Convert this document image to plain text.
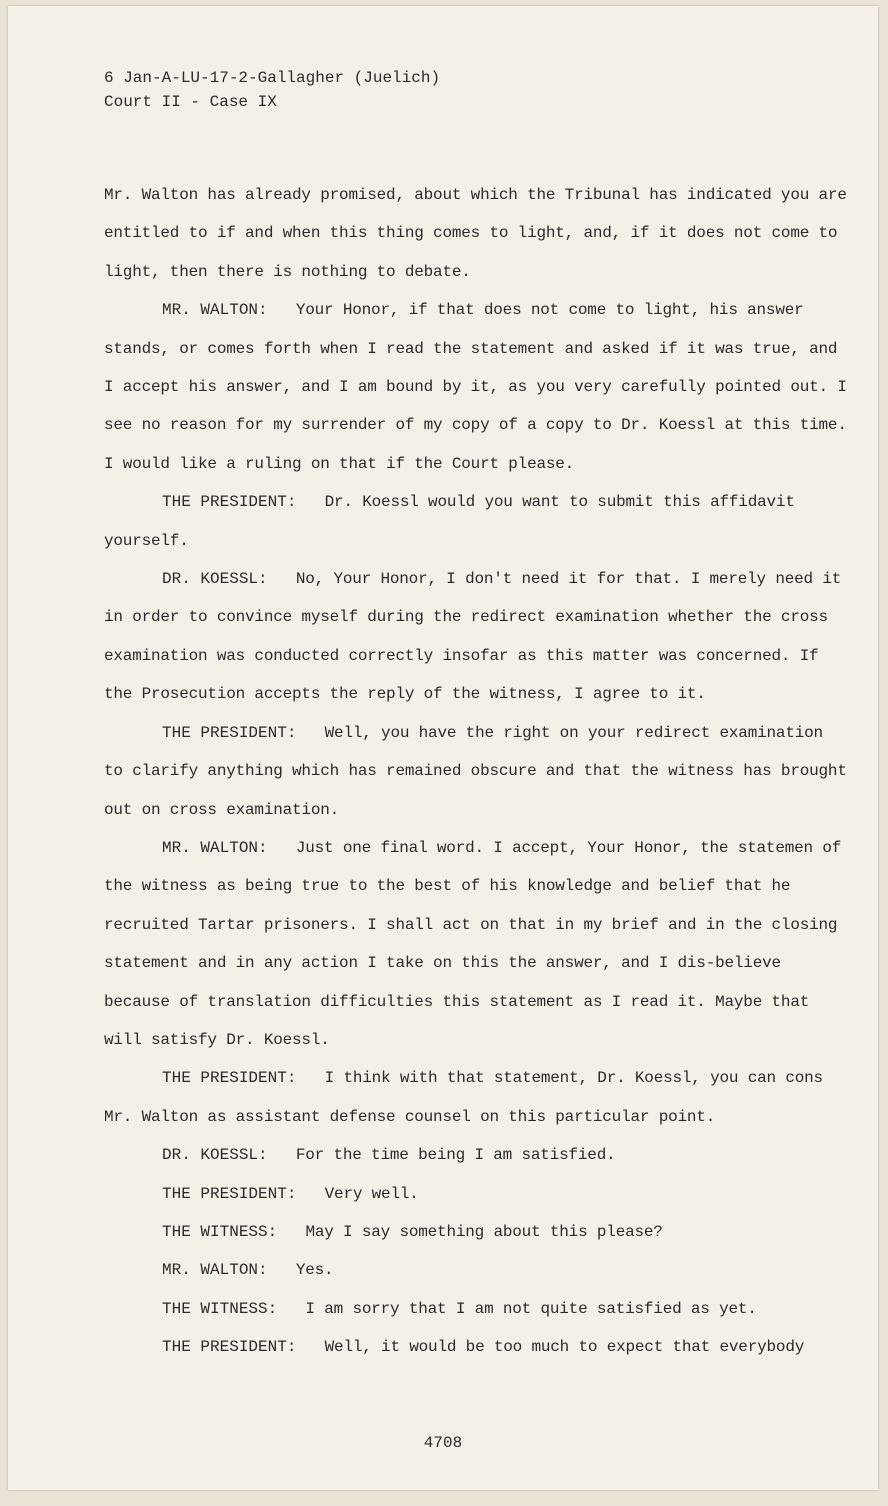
6 Jan-A-LU-17-2-Gallagher (Juelich)
Court II - Case IX

Mr. Walton has already promised, about which the Tribunal has indicated you are entitled to if and when this thing comes to light, and, if it does not come to light, then there is nothing to debate.

MR. WALTON: Your Honor, if that does not come to light, his answer stands, or comes forth when I read the statement and asked if it was true, and I accept his answer, and I am bound by it, as you very carefully pointed out. I see no reason for my surrender of my copy of a copy to Dr. Koessl at this time. I would like a ruling on that if the Court please.

THE PRESIDENT: Dr. Koessl would you want to submit this affidavit yourself.

DR. KOESSL: No, Your Honor, I don't need it for that. I merely need it in order to convince myself during the redirect examination whether the cross examination was conducted correctly insofar as this matter was concerned. If the Prosecution accepts the reply of the witness, I agree to it.

THE PRESIDENT: Well, you have the right on your redirect examination to clarify anything which has remained obscure and that the witness has brought out on cross examination.

MR. WALTON: Just one final word. I accept, Your Honor, the statemen of the witness as being true to the best of his knowledge and belief that he recruited Tartar prisoners. I shall act on that in my brief and in the closing statement and in any action I take on this the answer, and I dis-believe because of translation difficulties this statement as I read it. Maybe that will satisfy Dr. Koessl.

THE PRESIDENT: I think with that statement, Dr. Koessl, you can cons Mr. Walton as assistant defense counsel on this particular point.

DR. KOESSL: For the time being I am satisfied.

THE PRESIDENT: Very well.

THE WITNESS: May I say something about this please?

MR. WALTON: Yes.

THE WITNESS: I am sorry that I am not quite satisfied as yet.

THE PRESIDENT: Well, it would be too much to expect that everybody

4708
